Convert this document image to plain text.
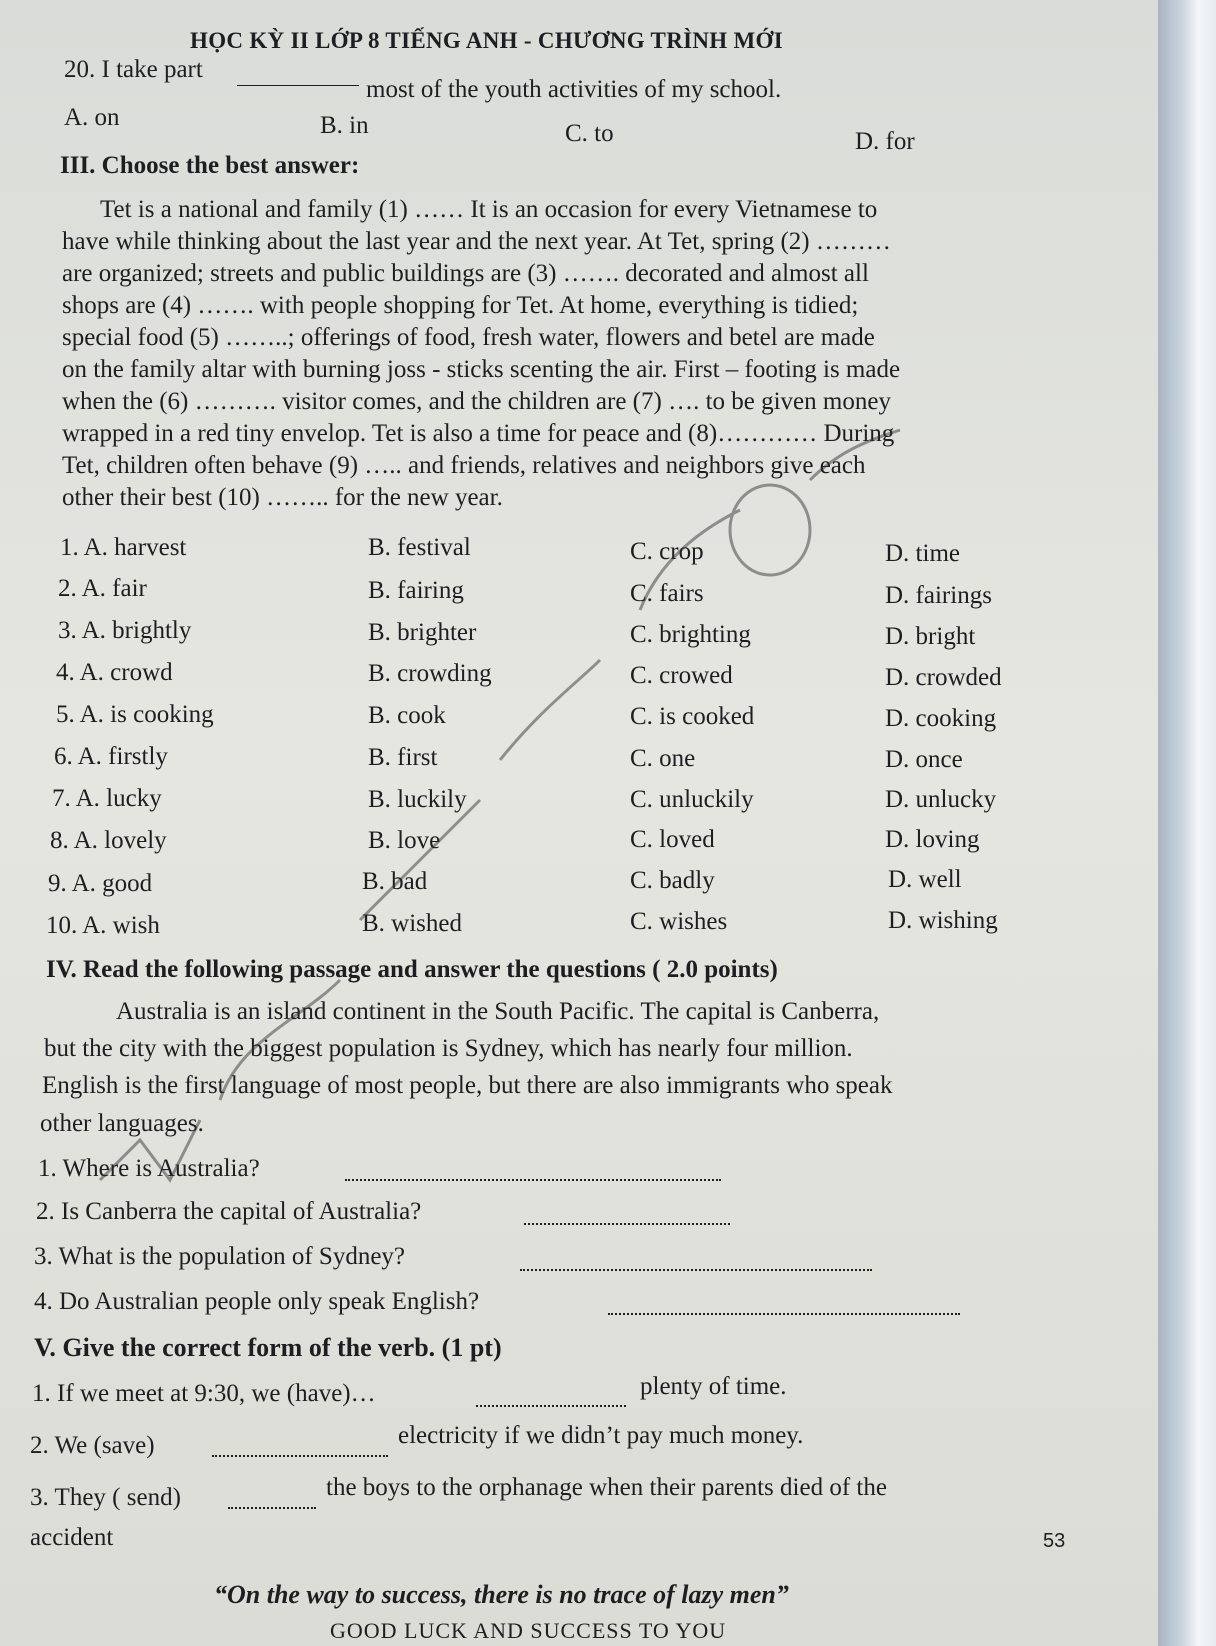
HỌC KỲ II LỚP 8 TIẾNG ANH - CHƯƠNG TRÌNH MỚI
20. I take part
most of the youth activities of my school.
A. on	B. in	C. to	D. for
III. Choose the best answer:
Tet is a national and family (1) …… It is an occasion for every Vietnamese to
have while thinking about the last year and the next year. At Tet, spring (2) ………
are organized; streets and public buildings are (3) ……. decorated and almost all
shops are (4) ……. with people shopping for Tet. At home, everything is tidied;
special food (5) ……..; offerings of food, fresh water, flowers and betel are made
on the family altar with burning joss - sticks scenting the air. First – footing is made
when the (6) ………. visitor comes, and the children are (7) …. to be given money
wrapped in a red tiny envelop. Tet is also a time for peace and (8)………… During
Tet, children often behave (9) ….. and friends, relatives and neighbors give each
other their best (10) …….. for the new year.
1. A. harvest	B. festival	C. crop	D. time
2. A. fair	B. fairing	C. fairs	D. fairings
3. A. brightly	B. brighter	C. brighting	D. bright
4. A. crowd	B. crowding	C. crowed	D. crowded
5. A. is cooking	B. cook	C. is cooked	D. cooking
6. A. firstly	B. first	C. one	D. once
7. A. lucky	B. luckily	C. unluckily	D. unlucky
8. A. lovely	B. love	C. loved	D. loving
9. A. good	B. bad	C. badly	D. well
10. A. wish	B. wished	C. wishes	D. wishing
IV. Read the following passage and answer the questions ( 2.0 points)
Australia is an island continent in the South Pacific. The capital is Canberra,
but the city with the biggest population is Sydney, which has nearly four million.
English is the first language of most people, but there are also immigrants who speak
other languages.
1. Where is Australia?
2. Is Canberra the capital of Australia?
3. What is the population of Sydney?
4. Do Australian people only speak English?
V. Give the correct form of the verb. (1 pt)
1. If we meet at 9:30, we (have)…	plenty of time.
2. We (save)	electricity if we didn’t pay much money.
3. They ( send)	the boys to the orphanage when their parents died of the
accident	53
“On the way to success, there is no trace of lazy men”
GOOD LUCK AND SUCCESS TO YOU
